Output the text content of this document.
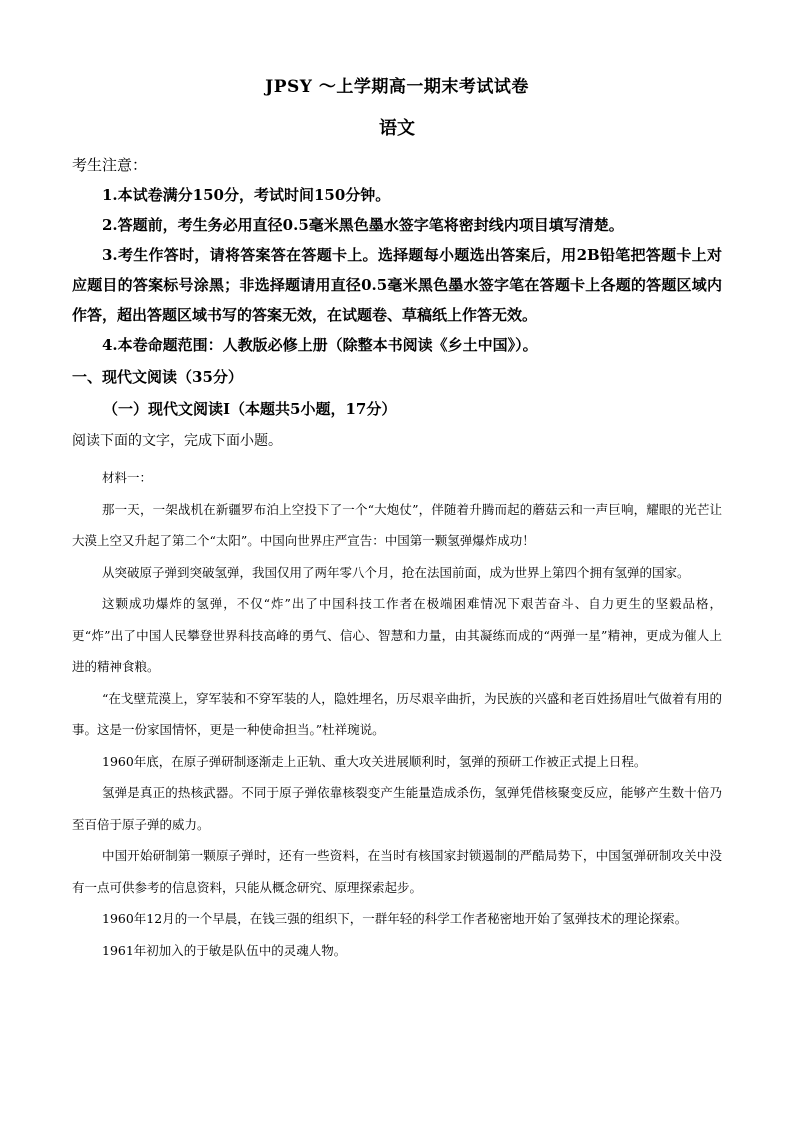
JPSY ～上学期高一期末考试试卷
语文
考生注意：

1.本试卷满分150分，考试时间150分钟。

2.答题前，考生务必用直径0.5毫米黑色墨水签字笔将密封线内项目填写清楚。

3.考生作答时，请将答案答在答题卡上。选择题每小题选出答案后，用2B铅笔把答题卡上对应题目的答案标号涂黑；非选择题请用直径0.5毫米黑色墨水签字笔在答题卡上各题的答题区域内作答，超出答题区域书写的答案无效，在试题卷、草稿纸上作答无效。

4.本卷命题范围：人教版必修上册（除整本书阅读《乡土中国》）。

一、现代文阅读（35分）
（一）现代文阅读Ⅰ（本题共5小题，17分）
阅读下面的文字，完成下面小题。

材料一：

那一天，一架战机在新疆罗布泊上空投下了一个“大炮仗”，伴随着升腾而起的蘑菇云和一声巨响，耀眼的光芒让大漠上空又升起了第二个“太阳”。中国向世界庄严宣告：中国第一颗氢弹爆炸成功！

从突破原子弹到突破氢弹，我国仅用了两年零八个月，抢在法国前面，成为世界上第四个拥有氢弹的国家。

这颗成功爆炸的氢弹，不仅“炸”出了中国科技工作者在极端困难情况下艰苦奋斗、自力更生的坚毅品格，更“炸”出了中国人民攀登世界科技高峰的勇气、信心、智慧和力量，由其凝练而成的“两弹一星”精神，更成为催人上进的精神食粮。

“在戈壁荒漠上，穿军装和不穿军装的人，隐姓埋名，历尽艰辛曲折，为民族的兴盛和老百姓扬眉吐气做着有用的事。这是一份家国情怀，更是一种使命担当。”杜祥琬说。

1960年底，在原子弹研制逐渐走上正轨、重大攻关进展顺利时，氢弹的预研工作被正式提上日程。

氢弹是真正的热核武器。不同于原子弹依靠核裂变产生能量造成杀伤，氢弹凭借核聚变反应，能够产生数十倍乃至百倍于原子弹的威力。

中国开始研制第一颗原子弹时，还有一些资料，在当时有核国家封锁遏制的严酷局势下，中国氢弹研制攻关中没有一点可供参考的信息资料，只能从概念研究、原理探索起步。

1960年12月的一个早晨，在钱三强的组织下，一群年轻的科学工作者秘密地开始了氢弹技术的理论探索。

1961年初加入的于敏是队伍中的灵魂人物。
